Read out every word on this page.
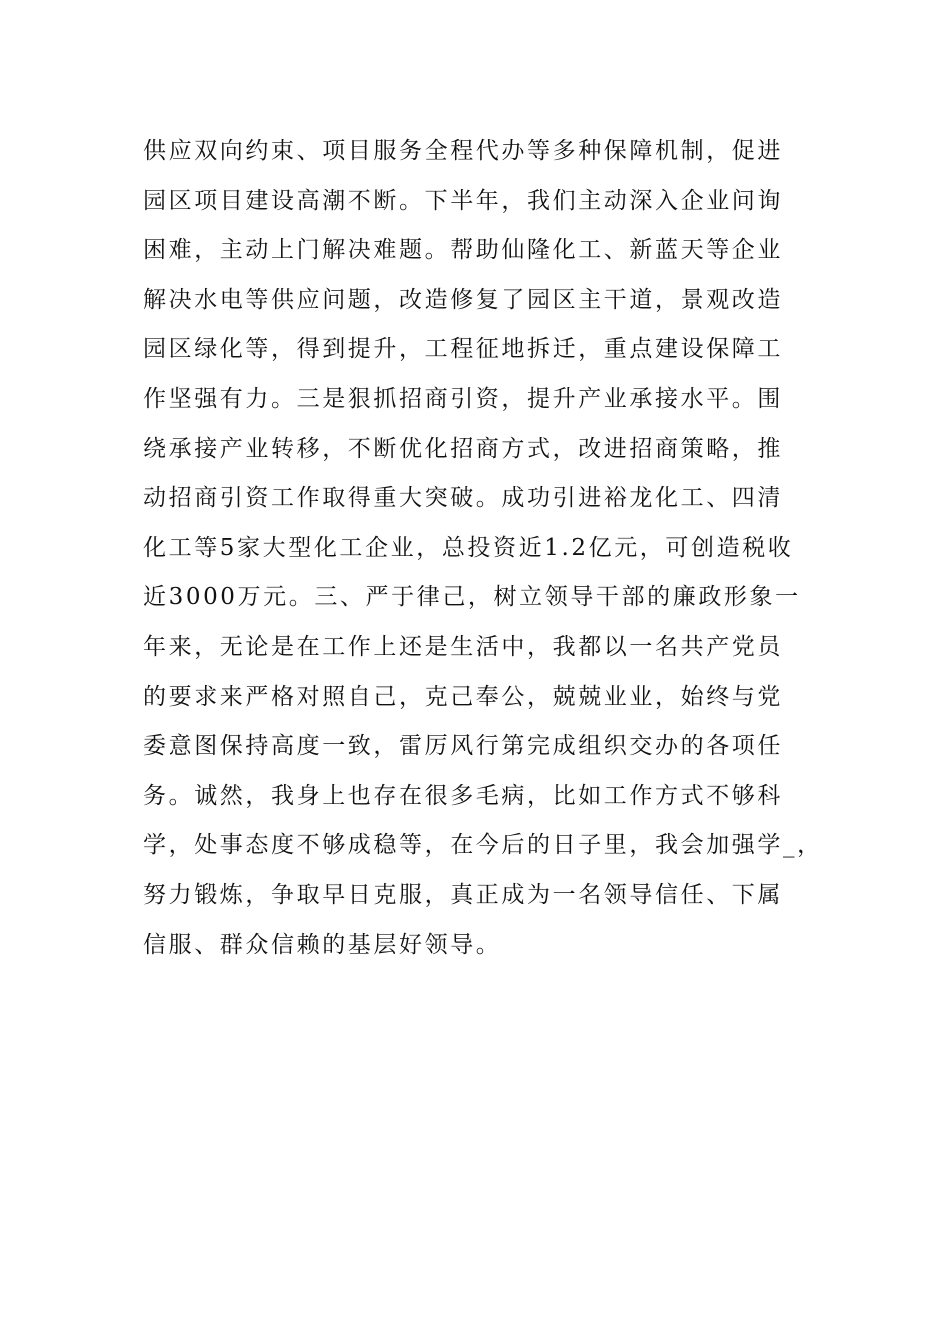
供应双向约束、项目服务全程代办等多种保障机制，促进
园区项目建设高潮不断。下半年，我们主动深入企业问询
困难，主动上门解决难题。帮助仙隆化工、新蓝天等企业
解决水电等供应问题，改造修复了园区主干道，景观改造
园区绿化等，得到提升，工程征地拆迁，重点建设保障工
作坚强有力。三是狠抓招商引资，提升产业承接水平。围
绕承接产业转移，不断优化招商方式，改进招商策略，推
动招商引资工作取得重大突破。成功引进裕龙化工、四清
化工等5家大型化工企业，总投资近1.2亿元，可创造税收
近3000万元。三、严于律己，树立领导干部的廉政形象一
年来，无论是在工作上还是生活中，我都以一名共产党员
的要求来严格对照自己，克己奉公，兢兢业业，始终与党
委意图保持高度一致，雷厉风行第完成组织交办的各项任
务。诚然，我身上也存在很多毛病，比如工作方式不够科
学，处事态度不够成稳等，在今后的日子里，我会加强学_，
努力锻炼，争取早日克服，真正成为一名领导信任、下属
信服、群众信赖的基层好领导。
